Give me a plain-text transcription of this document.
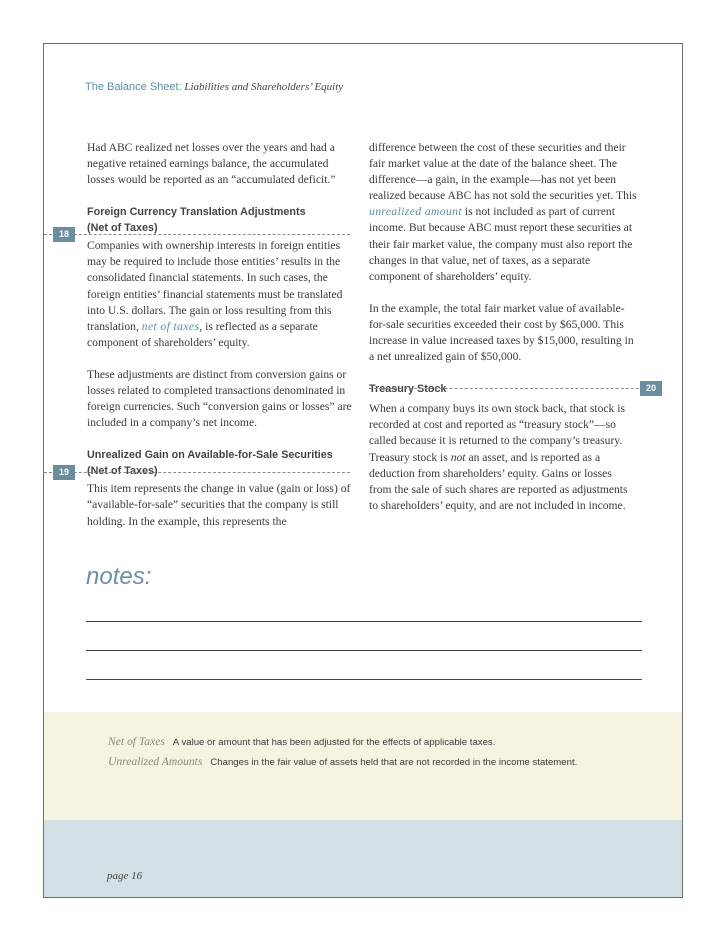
The Balance Sheet: Liabilities and Shareholders’ Equity

Had ABC realized net losses over the years and had a negative retained earnings balance, the accumulated losses would be reported as an “accumulated deficit.”

Foreign Currency Translation Adjustments

(Net of Taxes)

Companies with ownership interests in foreign entities may be required to include those entities’ results in the consolidated financial statements. In such cases, the foreign entities’ financial statements must be translated into U.S. dollars. The gain or loss resulting from this translation, net of taxes, is reflected as a separate component of shareholders’ equity.

These adjustments are distinct from conversion gains or losses related to completed transactions denominated in foreign currencies. Such “conversion gains or losses” are included in a company’s net income.

Unrealized Gain on Available-for-Sale Securities

(Net of Taxes)

This item represents the change in value (gain or loss) of “available-for-sale” securities that the company is still holding. In the example, this represents the

difference between the cost of these securities and their fair market value at the date of the balance sheet. The difference—a gain, in the example—has not yet been realized because ABC has not sold the securities yet. This unrealized amount is not included as part of current income. But because ABC must report these securities at their fair market value, the company must also report the changes in that value, net of taxes, as a separate component of shareholders’ equity.

In the example, the total fair market value of available-for-sale securities exceeded their cost by $65,000. This increase in value increased taxes by $15,000, resulting in a net unrealized gain of $50,000.

Treasury Stock

When a company buys its own stock back, that stock is recorded at cost and reported as “treasury stock”—so called because it is returned to the company’s treasury. Treasury stock is not an asset, and is reported as a deduction from shareholders’ equity. Gains or losses from the sale of such shares are reported as adjustments to shareholders’ equity, and are not included in income.

18
19
20
notes:
Net of Taxes A value or amount that has been adjusted for the effects of applicable taxes.
Unrealized Amounts Changes in the fair value of assets held that are not recorded in the income statement.
page 16
